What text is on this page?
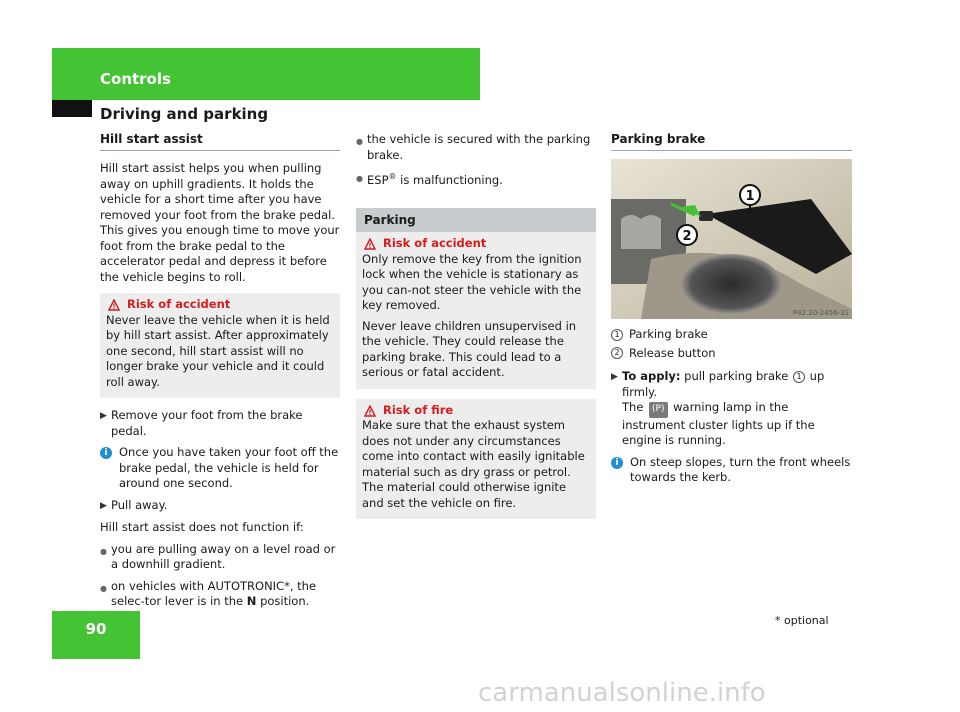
Controls
Driving and parking
Hill start assist

Hill start assist helps you when pulling away on uphill gradients. It holds the vehicle for a short time after you have removed your foot from the brake pedal. This gives you enough time to move your foot from the brake pedal to the accelerator pedal and depress it before the vehicle begins to roll.

Risk of accident
Never leave the vehicle when it is held by hill start assist. After approximately one second, hill start assist will no longer brake your vehicle and it could roll away.
▶ Remove your foot from the brake pedal.
i Once you have taken your foot off the brake pedal, the vehicle is held for around one second.
▶ Pull away.

Hill start assist does not function if:

● you are pulling away on a level road or a downhill gradient.
● on vehicles with AUTOTRONIC*, the selec-tor lever is in the N position.
● the vehicle is secured with the parking brake.
● ESP® is malfunctioning.
Parking
Risk of accident
Only remove the key from the ignition lock when the vehicle is stationary as you can-not steer the vehicle with the key removed.
Never leave children unsupervised in the vehicle. They could release the parking brake. This could lead to a serious or fatal accident.
Risk of fire
Make sure that the exhaust system does not under any circumstances come into contact with easily ignitable material such as dry grass or petrol. The material could otherwise ignite and set the vehicle on fire.
Parking brake
1
2
P42.20-2456-31
1 Parking brake
2 Release button
▶ To apply: pull parking brake 1 up firmly.
The (P) warning lamp in the instrument cluster lights up if the engine is running.
i On steep slopes, turn the front wheels towards the kerb.
90	* optional
carmanualsonline.info
